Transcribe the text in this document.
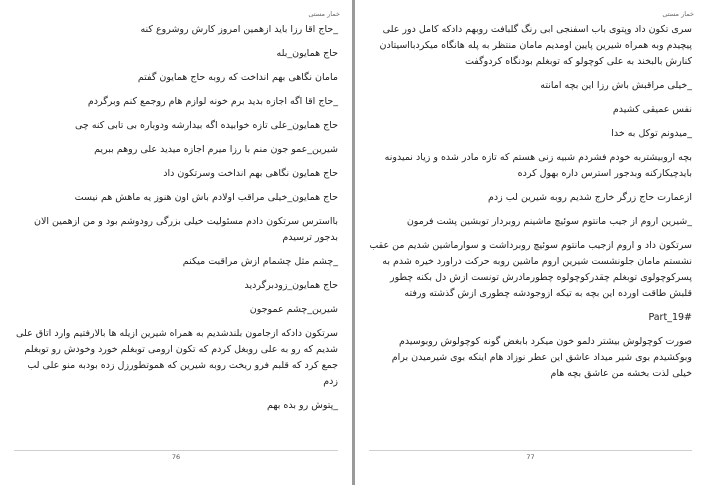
خمار مستی

_حاج اقا رزا باید ازهمین امروز کارش روشروع کنه

حاج همایون_بله

مامان نگاهی بهم انداخت که روبه حاج همایون گفتم

_حاج اقا اگه اجازه بدید برم خونه لوازم هام روجمع کنم وبرگردم

حاج همایون_علی تازه خوابیده اگه بیدارشه ودوباره بی تابی کنه چی

شیرین_عمو جون منم با رزا میرم اجازه میدید علی روهم ببریم

حاج همایون نگاهی بهم انداخت وسرتکون داد

حاج همایون_خیلی مراقب اولادم باش اون هنوز یه ماهش هم نیست

بااسترس سرتکون دادم مسئولیت خیلی بزرگی رودوشم بود و من ازهمین الان بدجور ترسیدم

_چشم مثل چشمام ازش مراقبت میکنم

حاج همایون_زودبرگردید

شیرین_چشم عموجون

سرتکون دادکه ازجامون بلندشدیم به همراه شیرین ازیله ها بالارفتیم وارد اتاق علی شدیم که رو به علی روبغل کردم که تکون ارومی توبغلم خورد وخودش رو توبغلم جمع کرد که قلبم فرو ریخت روبه شیرین که هموتطورزل زده بودبه منو علی لب زدم

_پتوش رو بده بهم

76
خمار مستی

سری تکون داد وپتوی باب اسفنجی ابی رنگ گلبافت روبهم دادکه کامل دور علی پیچیدم وبه همراه شیرین پایین اومدیم مامان منتظر به پله هانگاه میکردبااسیتادن کنارش بالبخند به علی کوچولو که توبغلم بودنگاه کردوگفت

_خیلی مراقبش باش رزا این بچه امانته

نفس عمیقی کشیدم

_میدونم توکل به خدا

بچه اروبیشتربه خودم فشردم شبیه زنی هستم که تازه مادر شده و زیاد نمیدونه بایدچیکارکنه وبدجور استرس داره بهول کرده

ازعمارت حاج زرگر خارج شدیم روبه شیرین لب زدم

_شیرین اروم از جیب مانتوم سوئیچ ماشینم روبردار توبشین پشت فرمون

سرتکون داد و اروم ازجیب مانتوم سوئیچ روبرداشت و سوارماشین شدیم من عقب نشستم مامان جلونشست شیرین اروم ماشین روبه حرکت دراورد خیره شدم به پسرکوچولوی توبغلم چقدرکوچولوه چطورمادرش تونست ازش دل بکنه چطور قلبش طاقت اورده این بچه به تیکه ازوجودشه چطوری ازش گذشته ورفته

Part_19#

صورت کوچولوش بیشتر دلمو خون میکرد بابغض گونه کوچولوش روبوسیدم وبوکشیدم بوی شیر میداد عاشق این عطر نوزاد هام اینکه بوی شیرمیدن برام خیلی لذت بخشه من عاشق بچه هام

77
